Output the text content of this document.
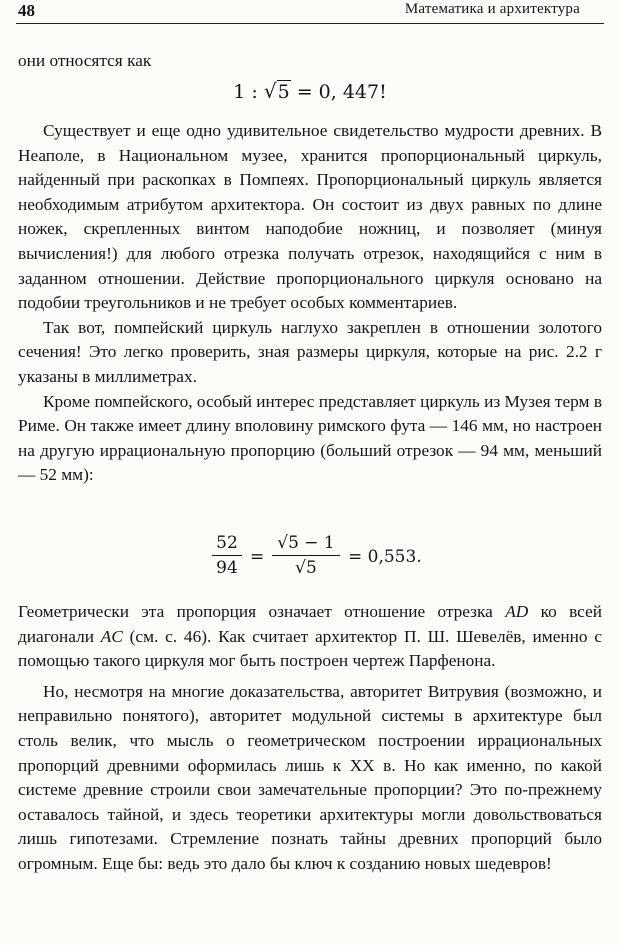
48	Математика и архитектура

они относятся как

1 : √5 = 0, 447!

Существует и еще одно удивительное свидетельство мудрости древних. В Неаполе, в Национальном музее, хранится пропорциональный циркуль, найденный при раскопках в Помпеях. Пропорциональный циркуль является необходимым атрибутом архитектора. Он состоит из двух равных по длине ножек, скрепленных винтом наподобие ножниц, и позволяет (минуя вычисления!) для любого отрезка получать отрезок, находящийся с ним в заданном отношении. Действие пропорционального циркуля основано на подобии треугольников и не требует особых комментариев.

Так вот, помпейский циркуль наглухо закреплен в отношении золотого сечения! Это легко проверить, зная размеры циркуля, которые на рис. 2.2 г указаны в миллиметрах.

Кроме помпейского, особый интерес представляет циркуль из Музея терм в Риме. Он также имеет длину вполовину римского фута — 146 мм, но настроен на другую иррациональную пропорцию (больший отрезок — 94 мм, меньший — 52 мм):

52
94
=
√5 − 1
√5
= 0,553.

Геометрически эта пропорция означает отношение отрезка AD ко всей диагонали AC (см. с. 46). Как считает архитектор П. Ш. Шевелёв, именно с помощью такого циркуля мог быть построен чертеж Парфенона.

Но, несмотря на многие доказательства, авторитет Витрувия (возможно, и неправильно понятого), авторитет модульной системы в архитектуре был столь велик, что мысль о геометрическом построении иррациональных пропорций древними оформилась лишь к XX в. Но как именно, по какой системе древние строили свои замечательные пропорции? Это по-прежнему оставалось тайной, и здесь теоретики архитектуры могли довольствоваться лишь гипотезами. Стремление познать тайны древних пропорций было огромным. Еще бы: ведь это дало бы ключ к созданию новых шедевров!
